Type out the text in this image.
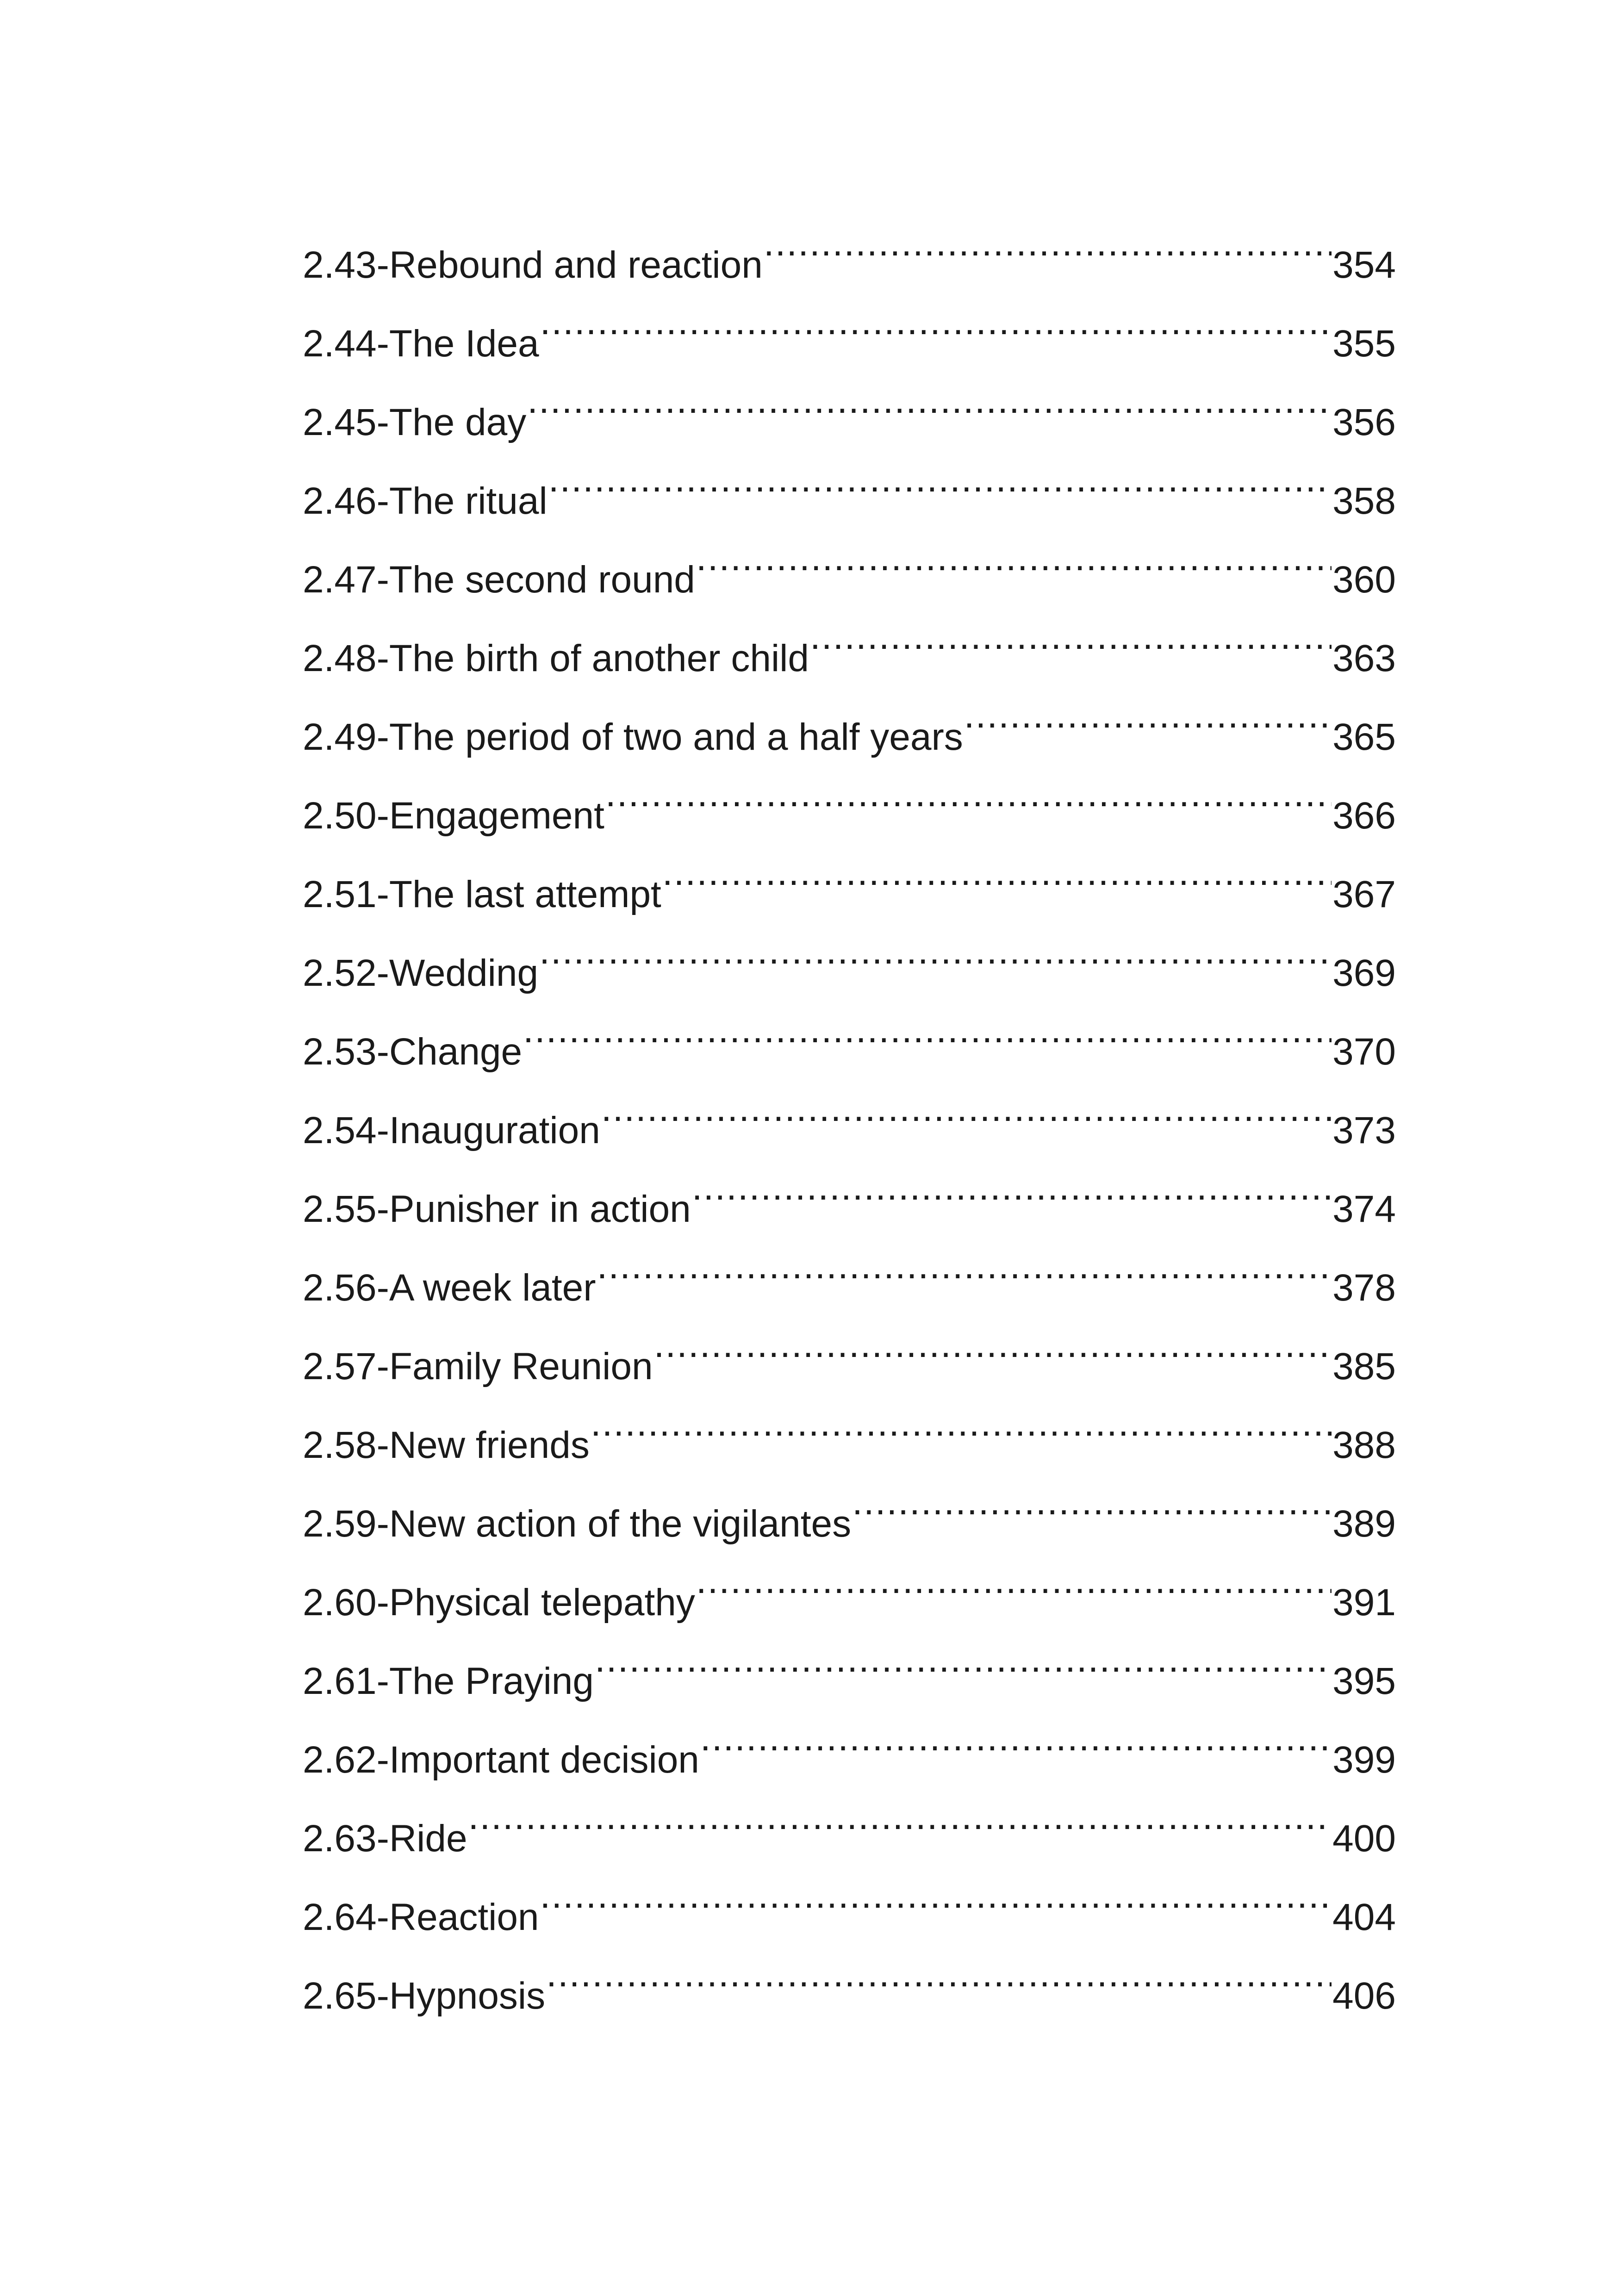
2.43-Rebound and reaction .....	354
2.44-The Idea .....	355
2.45-The day .....	356
2.46-The ritual .....	358
2.47-The second round .....	360
2.48-The birth of another child .....	363
2.49-The period of two and a half years .....	365
2.50-Engagement .....	366
2.51-The last attempt .....	367
2.52-Wedding .....	369
2.53-Change .....	370
2.54-Inauguration .....	373
2.55-Punisher in action .....	374
2.56-A week later .....	378
2.57-Family Reunion .....	385
2.58-New friends .....	388
2.59-New action of the vigilantes .....	389
2.60-Physical telepathy .....	391
2.61-The Praying .....	395
2.62-Important decision .....	399
2.63-Ride .....	400
2.64-Reaction .....	404
2.65-Hypnosis .....	406
